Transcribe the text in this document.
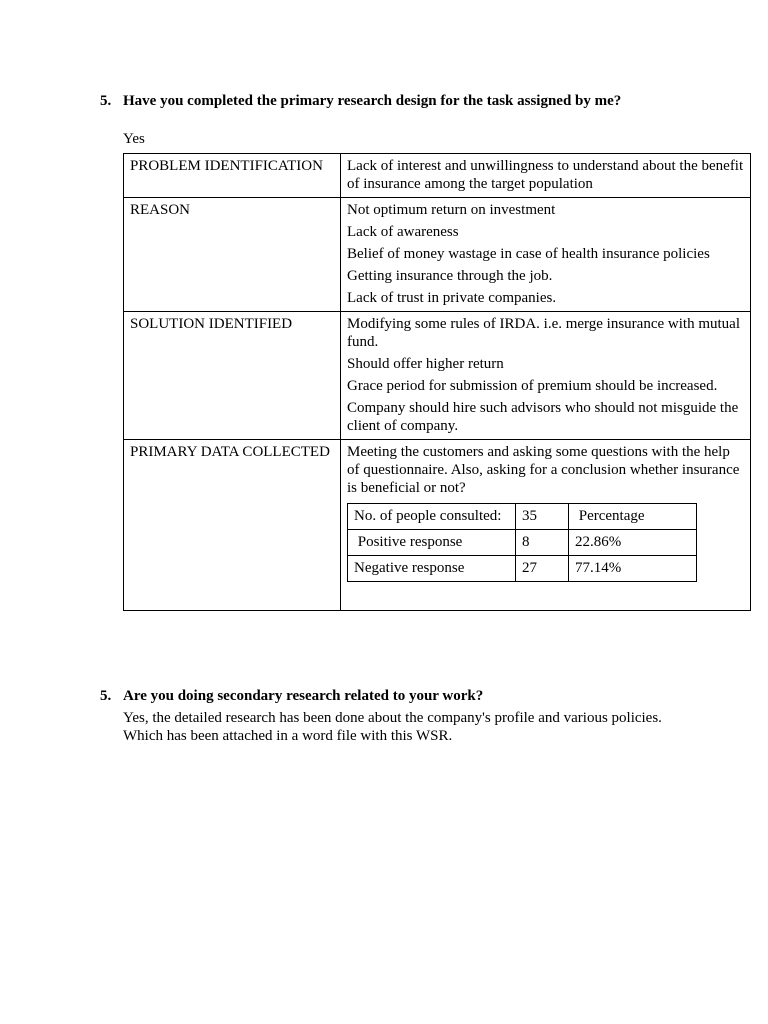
5. Have you completed the primary research design for the task assigned by me?
Yes
PROBLEM IDENTIFICATION	Lack of interest and unwillingness to understand about the benefit of insurance among the target population

REASON	Not optimum return on investment
Lack of awareness
Belief of money wastage in case of health insurance policies
Getting insurance through the job.
Lack of trust in private companies.

SOLUTION IDENTIFIED	Modifying some rules of IRDA. i.e. merge insurance with mutual fund.
Should offer higher return
Grace period for submission of premium should be increased.
Company should hire such advisors who should not misguide the client of company.

PRIMARY DATA COLLECTED	Meeting the customers and asking some questions with the help of questionnaire. Also, asking for a conclusion whether insurance is beneficial or not?
No. of people consulted:	35	Percentage
Positive response	8	22.86%
Negative response	27	77.14%
5. Are you doing secondary research related to your work?
Yes, the detailed research has been done about the company's profile and various policies. Which has been attached in a word file with this WSR.
